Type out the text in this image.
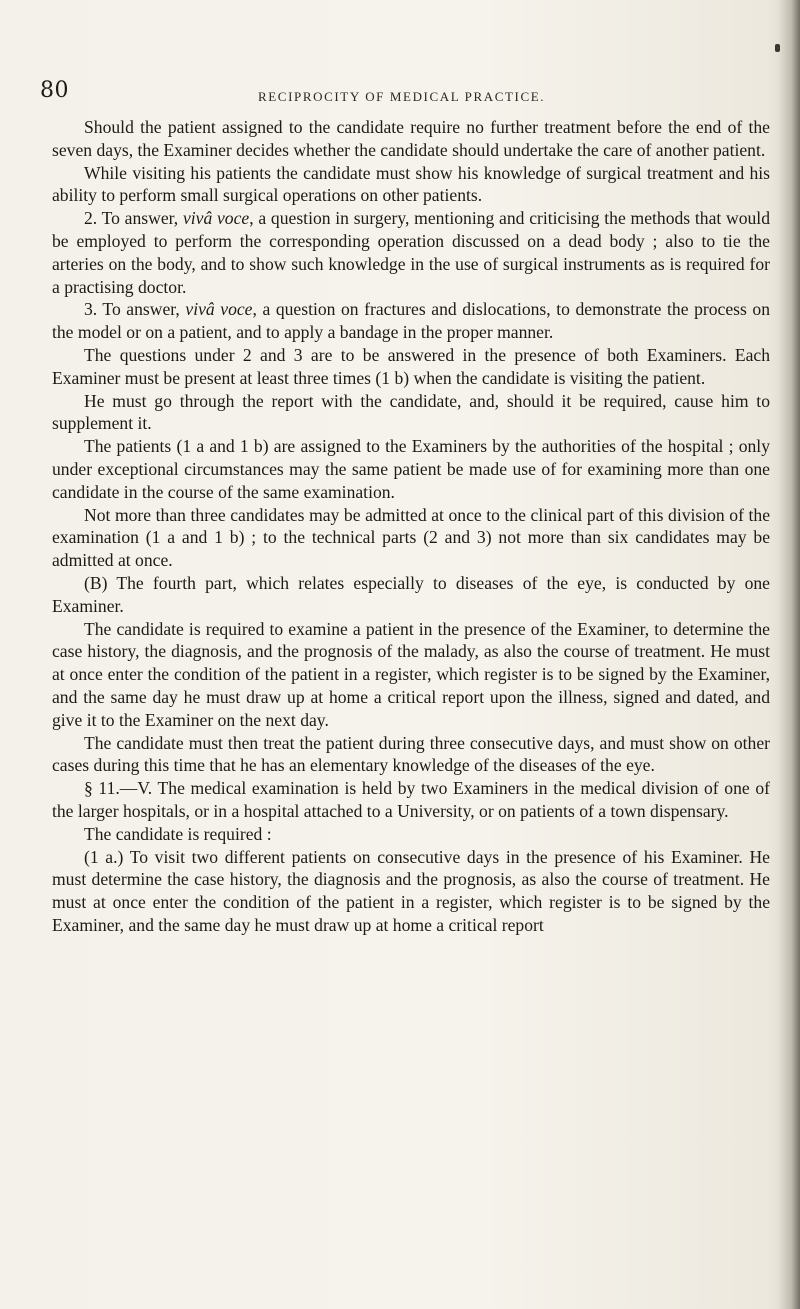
80	RECIPROCITY OF MEDICAL PRACTICE.

Should the patient assigned to the candidate require no further treatment before the end of the seven days, the Examiner decides whether the candidate should undertake the care of another patient.

While visiting his patients the candidate must show his knowledge of surgical treatment and his ability to perform small surgical operations on other patients.

2. To answer, vivâ voce, a question in surgery, mentioning and criticising the methods that would be employed to perform the corresponding operation discussed on a dead body ; also to tie the arteries on the body, and to show such knowledge in the use of surgical instruments as is required for a practising doctor.

3. To answer, vivâ voce, a question on fractures and dislocations, to demonstrate the process on the model or on a patient, and to apply a bandage in the proper manner.

The questions under 2 and 3 are to be answered in the presence of both Examiners. Each Examiner must be present at least three times (1 b) when the candidate is visiting the patient.

He must go through the report with the candidate, and, should it be required, cause him to supplement it.

The patients (1 a and 1 b) are assigned to the Examiners by the authorities of the hospital ; only under exceptional circumstances may the same patient be made use of for examining more than one candidate in the course of the same examination.

Not more than three candidates may be admitted at once to the clinical part of this division of the examination (1 a and 1 b) ; to the technical parts (2 and 3) not more than six candidates may be admitted at once.

(B) The fourth part, which relates especially to diseases of the eye, is conducted by one Examiner.

The candidate is required to examine a patient in the presence of the Examiner, to determine the case history, the diagnosis, and the prognosis of the malady, as also the course of treatment. He must at once enter the condition of the patient in a register, which register is to be signed by the Examiner, and the same day he must draw up at home a critical report upon the illness, signed and dated, and give it to the Examiner on the next day.

The candidate must then treat the patient during three consecutive days, and must show on other cases during this time that he has an elementary knowledge of the diseases of the eye.

§ 11.—V. The medical examination is held by two Examiners in the medical division of one of the larger hospitals, or in a hospital attached to a University, or on patients of a town dispensary.

The candidate is required :

(1 a.) To visit two different patients on consecutive days in the presence of his Examiner. He must determine the case history, the diagnosis and the prognosis, as also the course of treatment. He must at once enter the condition of the patient in a register, which register is to be signed by the Examiner, and the same day he must draw up at home a critical report
